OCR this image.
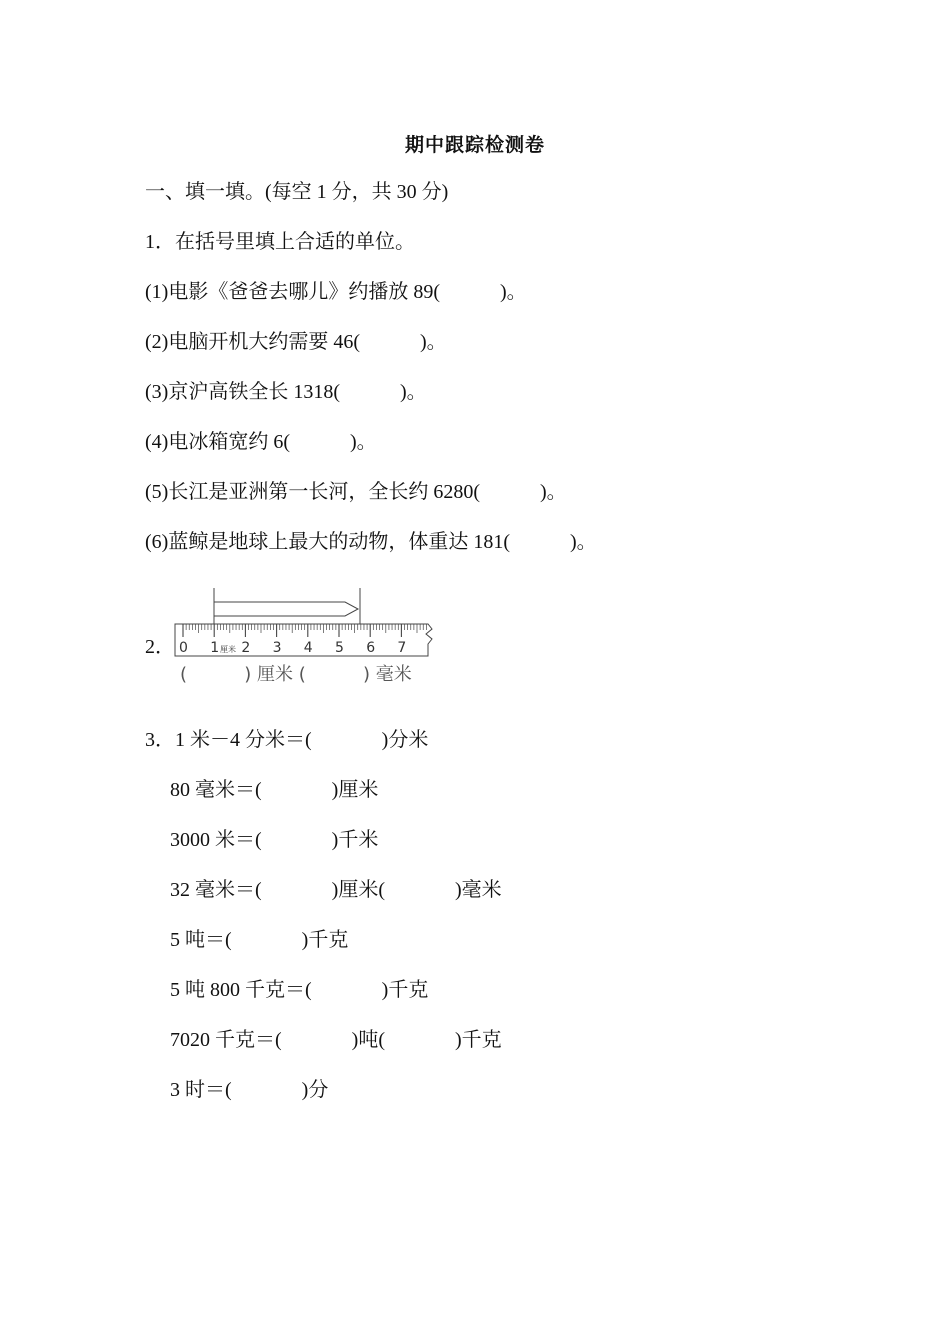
期中跟踪检测卷
一、填一填。(每空 1 分，共 30 分)
1．在括号里填上合适的单位。
(1)电影《爸爸去哪儿》约播放 89(            )。
(2)电脑开机大约需要 46(            )。
(3)京沪高铁全长 1318(            )。
(4)电冰箱宽约 6(            )。
(5)长江是亚洲第一长河，全长约 6280(            )。
(6)蓝鲸是地球上最大的动物，体重达 181(            )。
2． 0 1 2 3 4 5 6 7
厘米
(          ) 厘米 (          ) 毫米
3．1 米－4 分米＝(              )分米
80 毫米＝(              )厘米
3000 米＝(              )千米
32 毫米＝(              )厘米(              )毫米
5 吨＝(              )千克
5 吨 800 千克＝(              )千克
7020 千克＝(              )吨(              )千克
3 时＝(              )分
